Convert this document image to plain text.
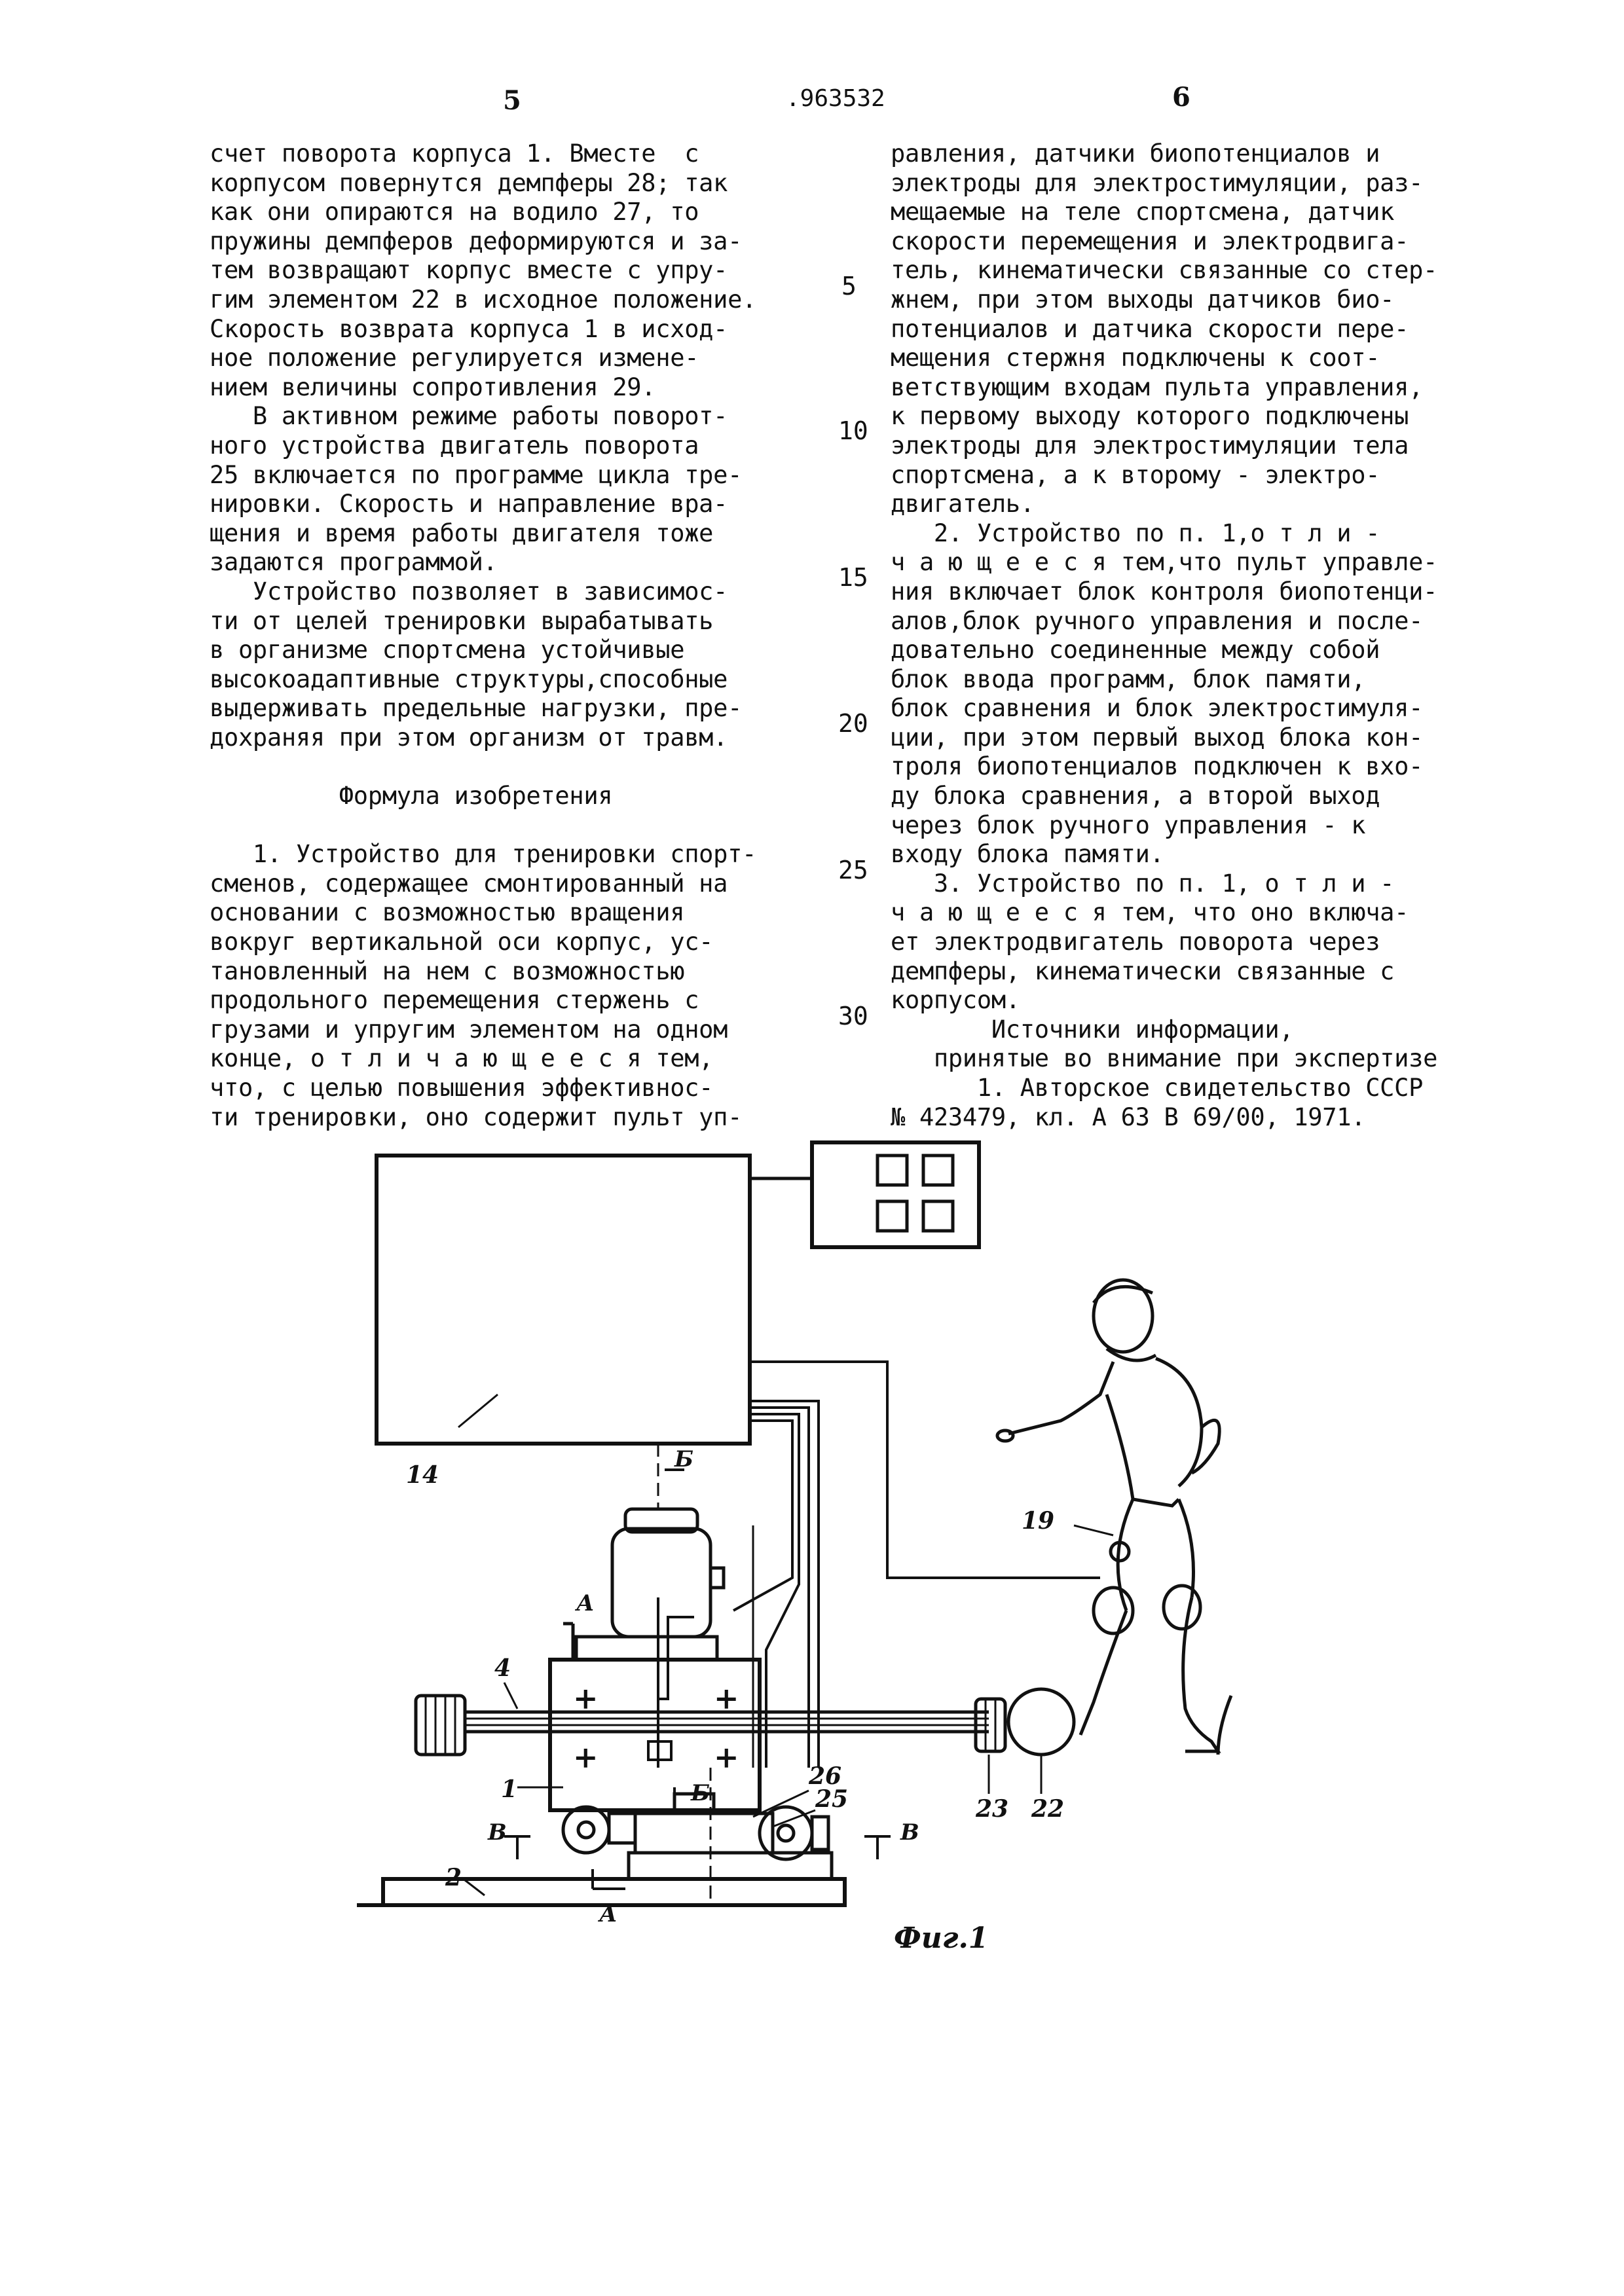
5	.963532	6

счет поворота корпуса 1. Вместе  с

корпусом повернутся демпферы 28; так

как они опираются на водило 27, то

пружины демпферов деформируются и за-

тем возвращают корпус вместе с упру-

гим элементом 22 в исходное положение.

Скорость возврата корпуса 1 в исход-

ное положение регулируется измене-

нием величины сопротивления 29.

В активном режиме работы поворот-

ного устройства двигатель поворота

25 включается по программе цикла тре-

нировки. Скорость и направление вра-

щения и время работы двигателя тоже

задаются программой.

Устройство позволяет в зависимос-

ти от целей тренировки вырабатывать

в организме спортсмена устойчивые

высокоадаптивные структуры,способные

выдерживать предельные нагрузки, пре-

дохраняя при этом организм от травм.

Формула изобретения

1. Устройство для тренировки спорт-

сменов, содержащее смонтированный на

основании с возможностью вращения

вокруг вертикальной оси корпус, ус-

тановленный на нем с возможностью

продольного перемещения стержень с

грузами и упругим элементом на одном

конце, о т л и ч а ю щ е е с я тем,

что, с целью повышения эффективнос-

ти тренировки, оно содержит пульт уп-

равления, датчики биопотенциалов и

электроды для электростимуляции, раз-

мещаемые на теле спортсмена, датчик

скорости перемещения и электродвига-

тель, кинематически связанные со стер-

жнем, при этом выходы датчиков био-

потенциалов и датчика скорости пере-

мещения стержня подключены к соот-

ветствующим входам пульта управления,

к первому выходу которого подключены

электроды для электростимуляции тела

спортсмена, а к второму - электро-

двигатель.

2. Устройство по п. 1,о т л и -

ч а ю щ е е с я тем,что пульт управле-

ния включает блок контроля биопотенци-

алов,блок ручного управления и после-

довательно соединенные между собой

блок ввода программ, блок памяти,

блок сравнения и блок электростимуля-

ции, при этом первый выход блока кон-

троля биопотенциалов подключен к вхо-

ду блока сравнения, а второй выход

через блок ручного управления - к

входу блока памяти.

3. Устройство по п. 1, о т л и -

ч а ю щ е е с я тем, что оно включа-

ет электродвигатель поворота через

демпферы, кинематически связанные с

корпусом.

Источники информации,

принятые во внимание при экспертизе

1. Авторское свидетельство СССР

№ 423479, кл. А 63 В 69/00, 1971.

5
10
15
20
25
30
14
Б
А
+	+
+	+
1
4
23 22
26
25
Б
В	В
А
2
19
Фиг.1
